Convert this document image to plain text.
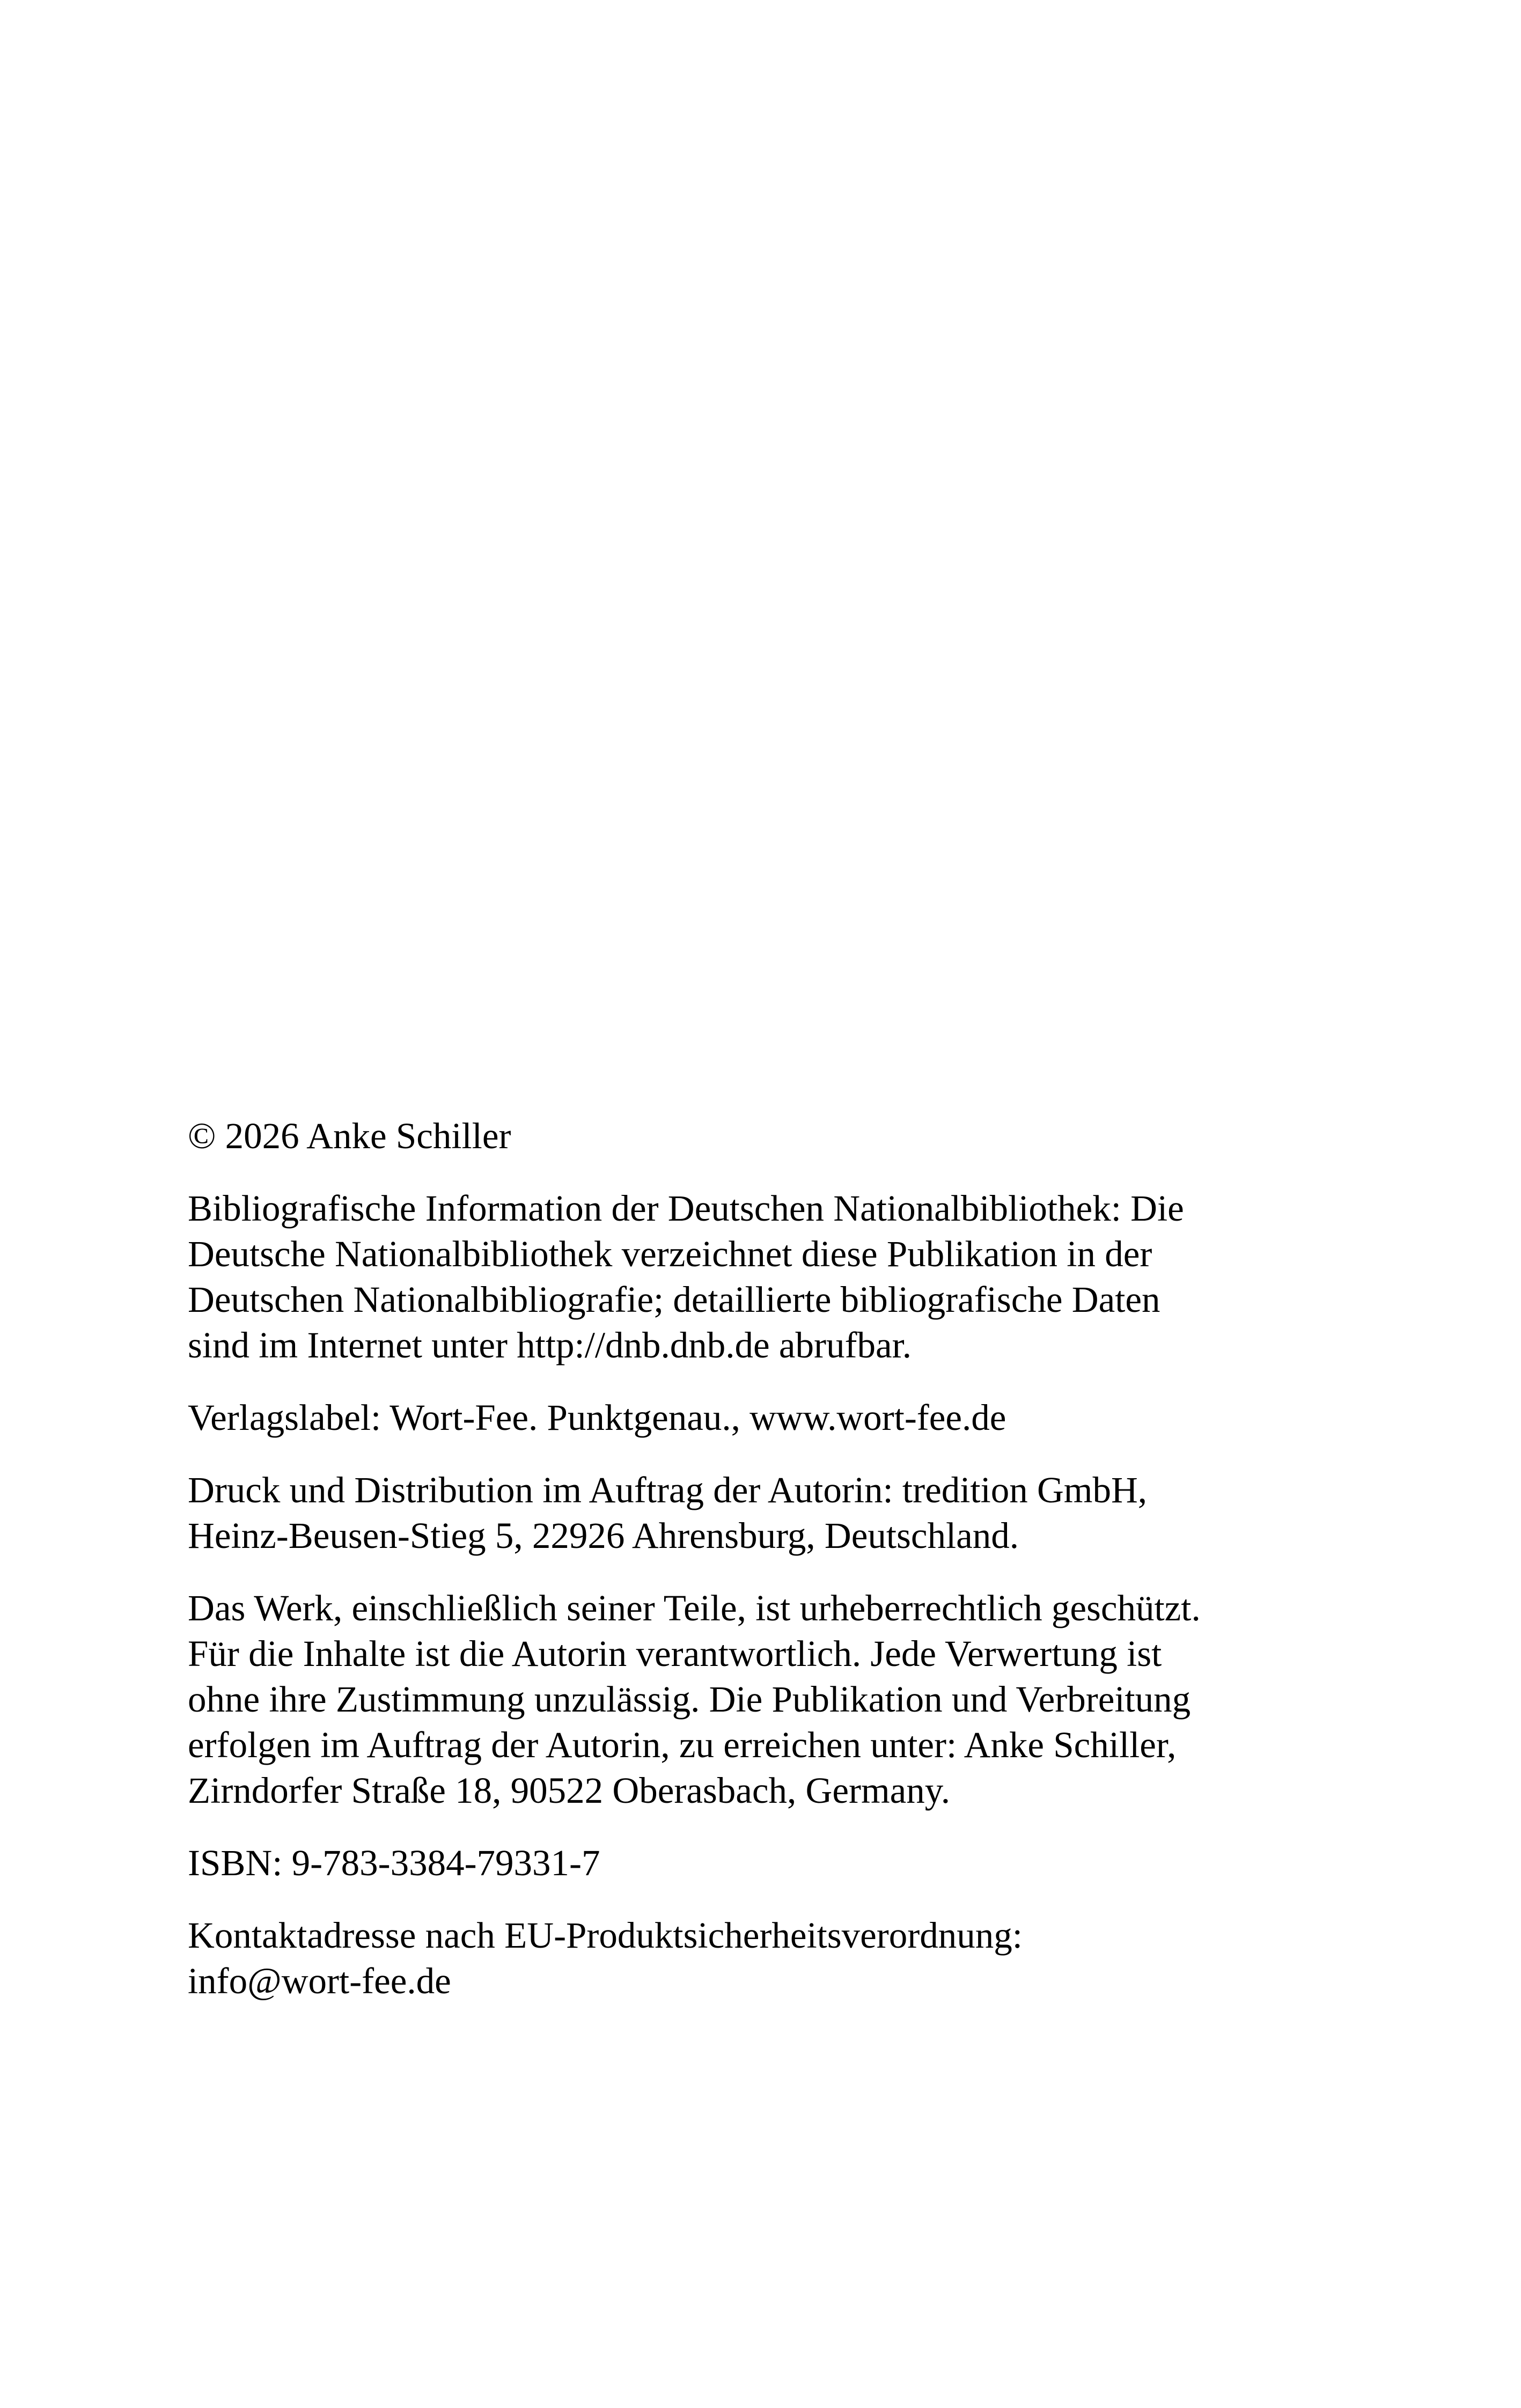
© 2026 Anke Schiller

Bibliografische Information der Deutschen Nationalbibliothek: Die
Deutsche Nationalbibliothek verzeichnet diese Publikation in der
Deutschen Nationalbibliografie; detaillierte bibliografische Daten
sind im Internet unter http://dnb.dnb.de abrufbar.

Verlagslabel: Wort-Fee. Punktgenau., www.wort-fee.de

Druck und Distribution im Auftrag der Autorin: tredition GmbH,
Heinz-Beusen-Stieg 5, 22926 Ahrensburg, Deutschland.

Das Werk, einschließlich seiner Teile, ist urheberrechtlich geschützt.
Für die Inhalte ist die Autorin verantwortlich. Jede Verwertung ist
ohne ihre Zustimmung unzulässig. Die Publikation und Verbreitung
erfolgen im Auftrag der Autorin, zu erreichen unter: Anke Schiller,
Zirndorfer Straße 18, 90522 Oberasbach, Germany.

ISBN: 9-783-3384-79331-7

Kontaktadresse nach EU-Produktsicherheitsverordnung:
info@wort-fee.de
